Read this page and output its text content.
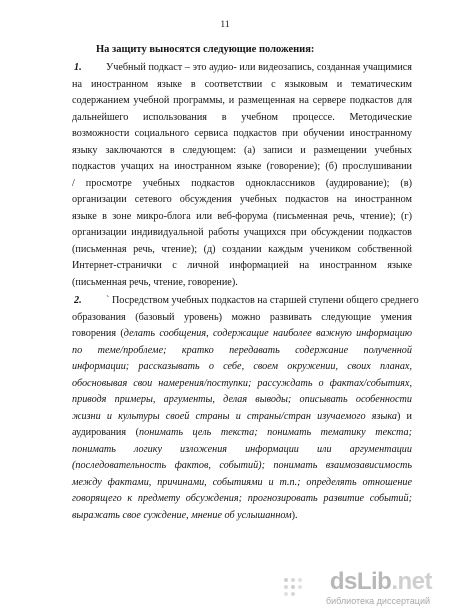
11
На защиту выносятся следующие положения:
1. Учебный подкаст – это аудио- или видеозапись, созданная учащимися
на иностранном языке в соответствии с языковым и тематическим
содержанием учебной программы, и размещенная на сервере подкастов для
дальнейшего использования в учебном процессе. Методические
возможности социального сервиса подкастов при обучении иностранному
языку заключаются в следующем: (а) записи и размещении учебных
подкастов учащих на иностранном языке (говорение); (б) прослушивании
/ просмотре учебных подкастов одноклассников (аудирование); (в)
организации сетевого обсуждения учебных подкастов на иностранном
языке в зоне микро-блога или веб-форума (письменная речь, чтение); (г)
организации индивидуальной работы учащихся при обсуждении подкастов
(письменная речь, чтение); (д) создании каждым учеником собственной
Интернет-странички с личной информацией на иностранном языке
(письменная речь, чтение, говорение).
2. ` Посредством учебных подкастов на старшей ступени общего среднего
образования (базовый уровень) можно развивать следующие умения
говорения (делать сообщения, содержащие наиболее важную информацию
по теме/проблеме; кратко передавать содержание полученной
информации; рассказывать о себе, своем окружении, своих планах,
обосновывая свои намерения/поступки; рассуждать о фактах/событиях,
приводя примеры, аргументы, делая выводы; описывать особенности
жизни и культуры своей страны и страны/стран изучаемого языка) и
аудирования (понимать цель текста; понимать тематику текста;
понимать логику изложения информации или аргументации
(последовательность фактов, событий); понимать взаимозависимость
между фактами, причинами, событиями и т.п.; определять отношение
говорящего к предмету обсуждения; прогнозировать развитие событий;
выражать свое суждение, мнение об услышанном).
dsLib.net
библиотека диссертаций
